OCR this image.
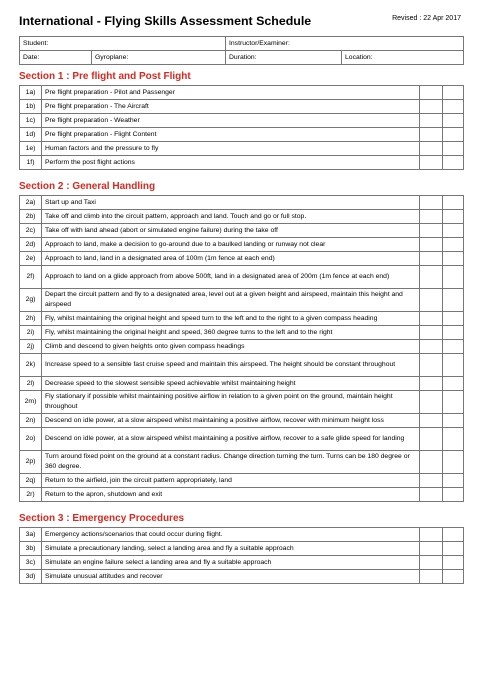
International - Flying Skills Assessment Schedule	Revised : 22 Apr 2017
Student:		Instructor/Examiner:	
Date:	Gyroplane:	Duration:	Location:
Section 1 : Pre flight and Post Flight
1a)	Pre flight preparation - Pilot and Passenger		
1b)	Pre flight preparation - The Aircraft		
1c)	Pre flight preparation - Weather		
1d)	Pre flight preparation - Flight Content		
1e)	Human factors and the pressure to fly		
1f)	Perform the post flight actions		
Section 2 : General Handling
2a)	Start up and Taxi		
2b)	Take off and climb into the circuit pattern, approach and land. Touch and go or full stop.		
2c)	Take off with land ahead (abort or simulated engine failure) during the take off		
2d)	Approach to land, make a decision to go-around due to a baulked landing or runway not clear		
2e)	Approach to land, land in a designated area of 100m (1m fence at each end)		
2f)	Approach to land on a glide approach from above 500ft, land in a designated area of 200m (1m fence at each end)		
2g)	Depart the circuit pattern and fly to a designated area, level out at a given height and airspeed, maintain this height and airspeed		
2h)	Fly, whilst maintaining the original height and speed turn to the left and to the right to a given compass heading		
2i)	Fly, whilst maintaining the original height and speed, 360 degree turns to the left and to the right		
2j)	Climb and descend to given heights onto given compass headings		
2k)	Increase speed to a sensible fast cruise speed and maintain this airspeed. The height should be constant throughout		
2l)	Decrease speed to the slowest sensible speed achievable whilst maintaining height		
2m)	Fly stationary if possible whilst maintaining positive airflow in relation to a given point on the ground, maintain height throughout		
2n)	Descend on idle power, at a slow airspeed whilst maintaining a positive airflow, recover with minimum height loss		
2o)	Descend on idle power, at a slow airspeed whilst maintaining a positive airflow, recover to a safe glide speed for landing		
2p)	Turn around fixed point on the ground at a constant radius. Change direction turning the turn. Turns can be 180 degree or 360 degree.		
2q)	Return to the airfield, join the circuit pattern appropriately, land		
2r)	Return to the apron, shutdown and exit		
Section 3 : Emergency Procedures
3a)	Emergency actions/scenarios that could occur during flight.		
3b)	Simulate a precautionary landing, select a landing area and fly a suitable approach		
3c)	Simulate an engine failure select a landing area and fly a suitable approach		
3d)	Simulate unusual attitudes and recover		
